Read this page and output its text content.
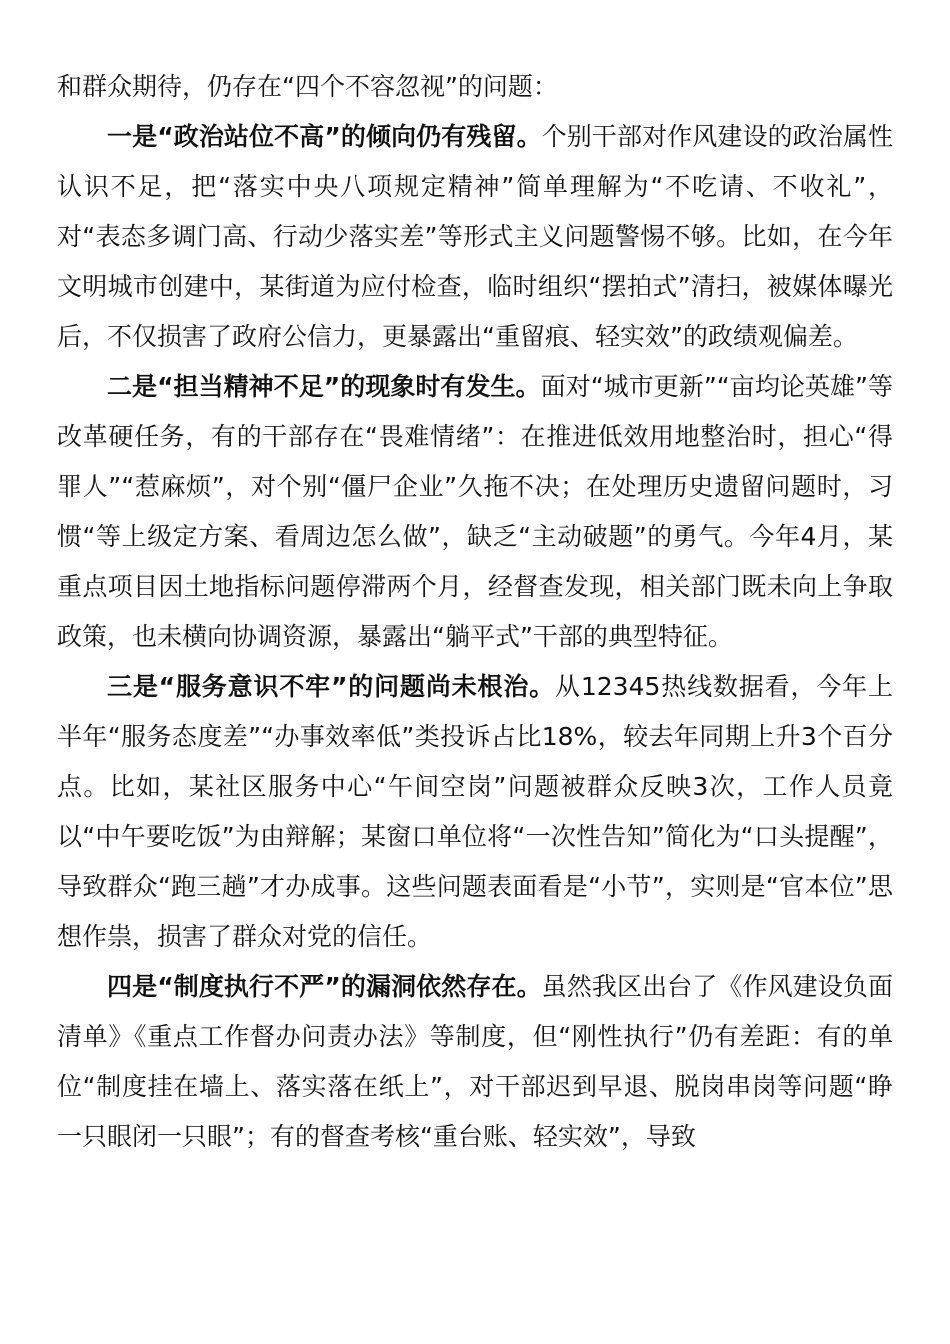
和群众期待，仍存在“四个不容忽视”的问题：

一是“政治站位不高”的倾向仍有残留。个别干部对作风建设的政治属性认识不足，把“落实中央八项规定精神”简单理解为“不吃请、不收礼”，对“表态多调门高、行动少落实差”等形式主义问题警惕不够。比如，在今年文明城市创建中，某街道为应付检查，临时组织“摆拍式”清扫，被媒体曝光后，不仅损害了政府公信力，更暴露出“重留痕、轻实效”的政绩观偏差。

二是“担当精神不足”的现象时有发生。面对“城市更新”“亩均论英雄”等改革硬任务，有的干部存在“畏难情绪”：在推进低效用地整治时，担心“得罪人”“惹麻烦”，对个别“僵尸企业”久拖不决；在处理历史遗留问题时，习惯“等上级定方案、看周边怎么做”，缺乏“主动破题”的勇气。今年4月，某重点项目因土地指标问题停滞两个月，经督查发现，相关部门既未向上争取政策，也未横向协调资源，暴露出“躺平式”干部的典型特征。

三是“服务意识不牢”的问题尚未根治。从12345热线数据看，今年上半年“服务态度差”“办事效率低”类投诉占比18%，较去年同期上升3个百分点。比如，某社区服务中心“午间空岗”问题被群众反映3次，工作人员竟以“中午要吃饭”为由辩解；某窗口单位将“一次性告知”简化为“口头提醒”，导致群众“跑三趟”才办成事。这些问题表面看是“小节”，实则是“官本位”思想作祟，损害了群众对党的信任。

四是“制度执行不严”的漏洞依然存在。虽然我区出台了《作风建设负面清单》《重点工作督办问责办法》等制度，但“刚性执行”仍有差距：有的单位“制度挂在墙上、落实落在纸上”，对干部迟到早退、脱岗串岗等问题“睁一只眼闭一只眼”；有的督查考核“重台账、轻实效”，导致
